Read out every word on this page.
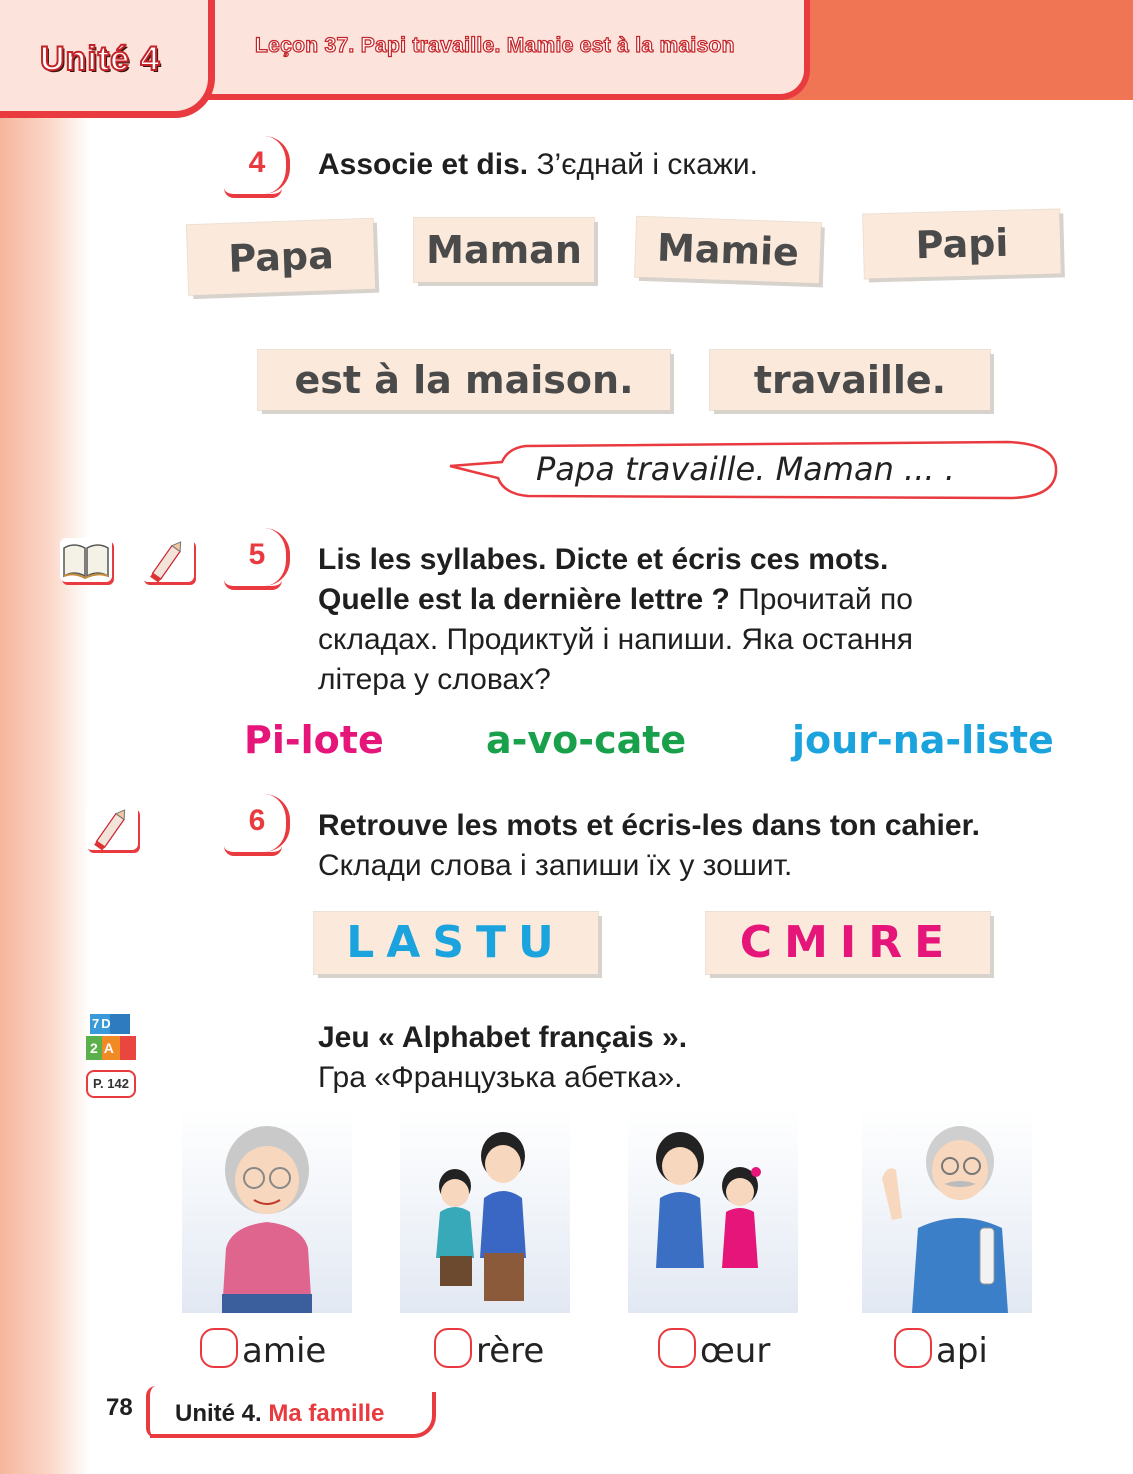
Unité 4	Leçon 37. Papi travaille. Mamie est à la maison
4	Associe et dis. З’єднай і скажи.
Papa	Maman	Mamie	Papi
est à la maison.	travaille.
Papa travaille. Maman ... .
5	Lis les syllabes. Dicte et écris ces mots.
Quelle est la dernière lettre ? Прочитай по
складах. Продиктуй і напиши. Яка остання
літера у словах?
Pi-lote	a-vo-cate	jour-na-liste
6	Retrouve les mots et écris-les dans ton cahier.
Склади слова і запиши їх у зошит.
LASTU	CMIRE
7D
2A
P. 142
Jeu « Alphabet français ».
Гра «Французька абетка».
amie	rère	œur	api
78 Unité 4. Ma famille
